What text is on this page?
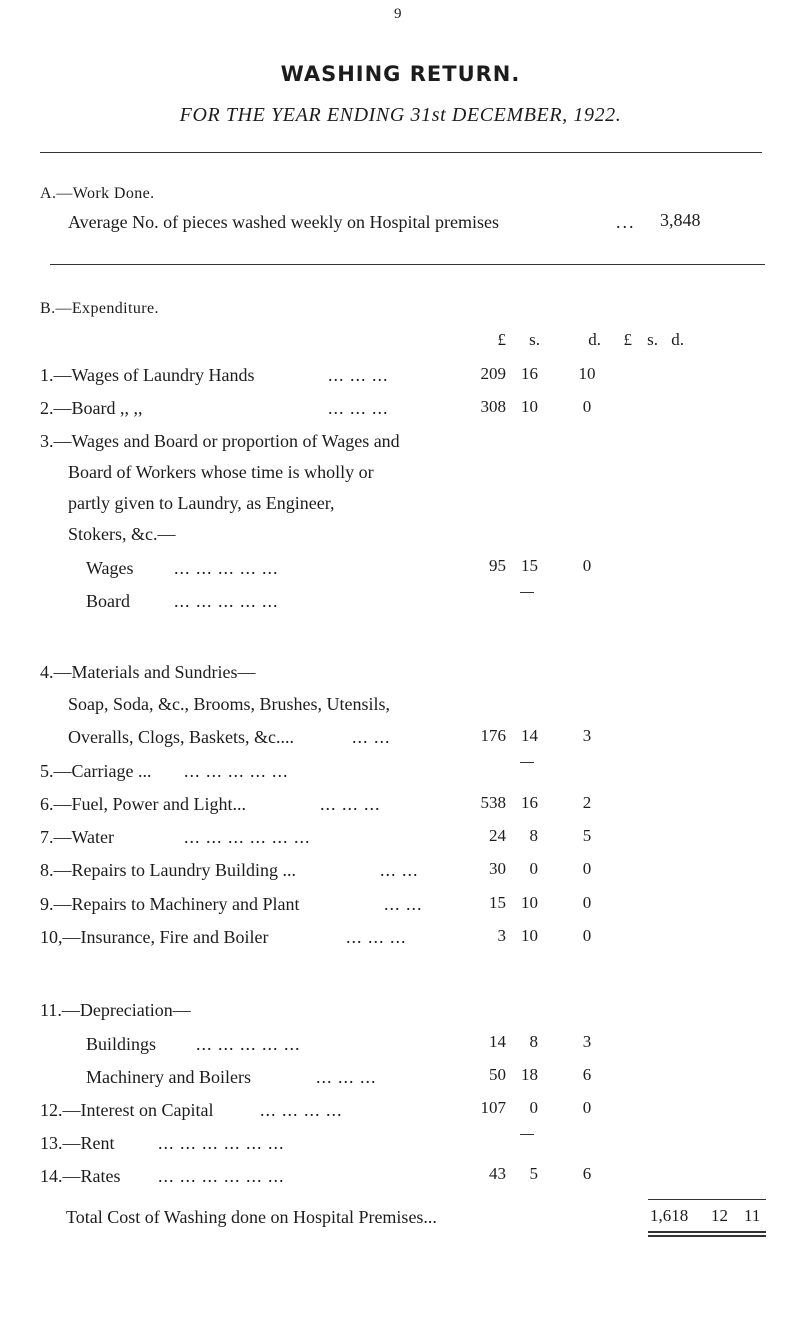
9
WASHING RETURN.
FOR THE YEAR ENDING 31st DECEMBER, 1922.
A.—Work Done.
Average No. of pieces washed weekly on Hospital premises	... 3,848
B.—Expenditure.
£	s.	d.	£ s. d.
1.—Wages of Laundry Hands	... ... ...	209 16 10
2.—Board ,, ,,	... ... ...	308 10	0
3.—Wages and Board or proportion of Wages and
Board of Workers whose time is wholly or
partly given to Laundry, as Engineer,
Stokers, &c.—
Wages ... ... ... ... ...	95 15	0
Board ... ... ... ... ...
4.—Materials and Sundries—
Soap, Soda, &c., Brooms, Brushes, Utensils,
Overalls, Clogs, Baskets, &c....	... ...	176 14	3
5.—Carriage ... ... ... ... ... ...
6.—Fuel, Power and Light...	... ... ...	538 16	2
7.—Water	... ... ... ... ... ...	24	8	5
8.—Repairs to Laundry Building ...	... ...	30	0	0
9.—Repairs to Machinery and Plant	... ...	15 10	0
10,—Insurance, Fire and Boiler	... ... ...	3 10	0
11.—Depreciation—
Buildings ... ... ... ... ...	14	8	3
Machinery and Boilers	... ... ...	50 18	6
12.—Interest on Capital	... ... ... ...	107	0	0
13.—Rent ... ... ... ... ... ...
14.—Rates ... ... ... ... ... ...	43	5	6
Total Cost of Washing done on Hospital Premises...	1,618 12 11
